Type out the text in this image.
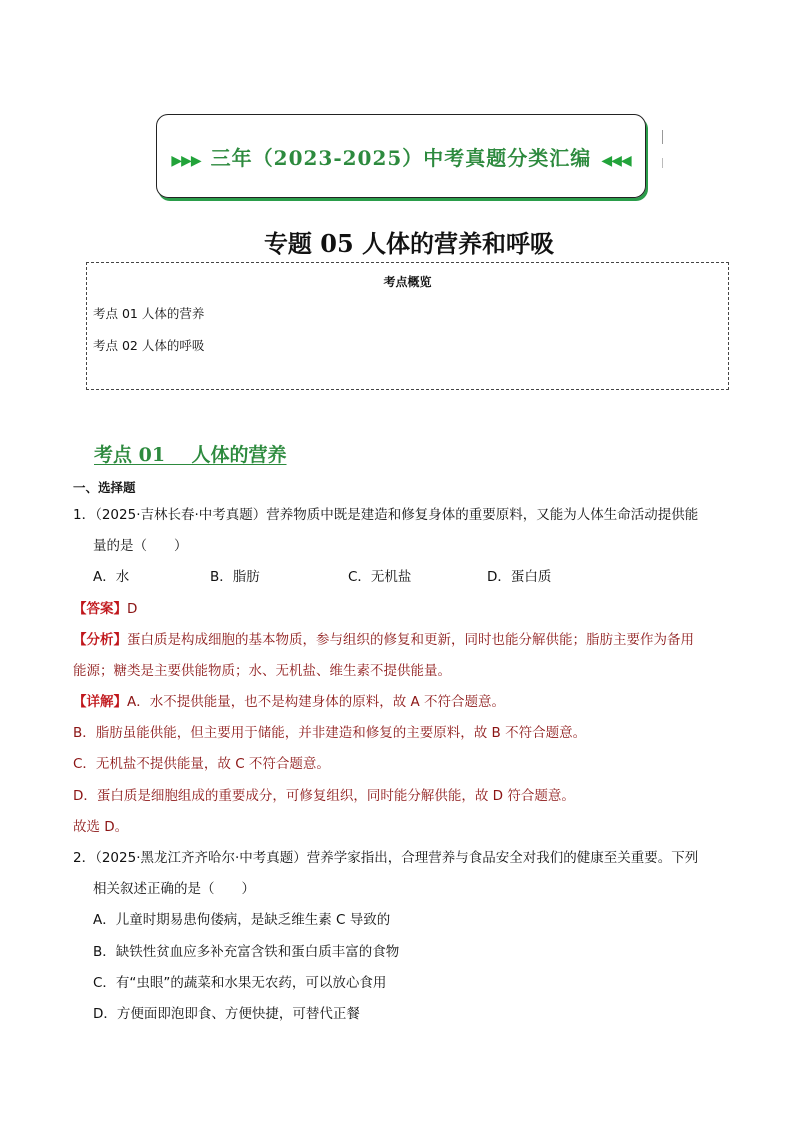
▶▶▶ 三年（2023-2025）中考真题分类汇编 ◀◀◀
专题 05 人体的营养和呼吸
考点概览
考点 01 人体的营养
考点 02 人体的呼吸
考点 01    人体的营养
一、选择题
1．（2025·吉林长春·中考真题）营养物质中既是建造和修复身体的重要原料，又能为人体生命活动提供能
量的是（　　）
A．水	B．脂肪	C．无机盐	D．蛋白质
【答案】D
【分析】蛋白质是构成细胞的基本物质，参与组织的修复和更新，同时也能分解供能；脂肪主要作为备用
能源；糖类是主要供能物质；水、无机盐、维生素不提供能量。
【详解】A．水不提供能量，也不是构建身体的原料，故 A 不符合题意。
B．脂肪虽能供能，但主要用于储能，并非建造和修复的主要原料，故 B 不符合题意。
C．无机盐不提供能量，故 C 不符合题意。
D．蛋白质是细胞组成的重要成分，可修复组织，同时能分解供能，故 D 符合题意。
故选 D。
2．（2025·黑龙江齐齐哈尔·中考真题）营养学家指出，合理营养与食品安全对我们的健康至关重要。下列
相关叙述正确的是（　　）
A．儿童时期易患佝偻病，是缺乏维生素 C 导致的
B．缺铁性贫血应多补充富含铁和蛋白质丰富的食物
C．有“虫眼”的蔬菜和水果无农药，可以放心食用
D．方便面即泡即食、方便快捷，可替代正餐
